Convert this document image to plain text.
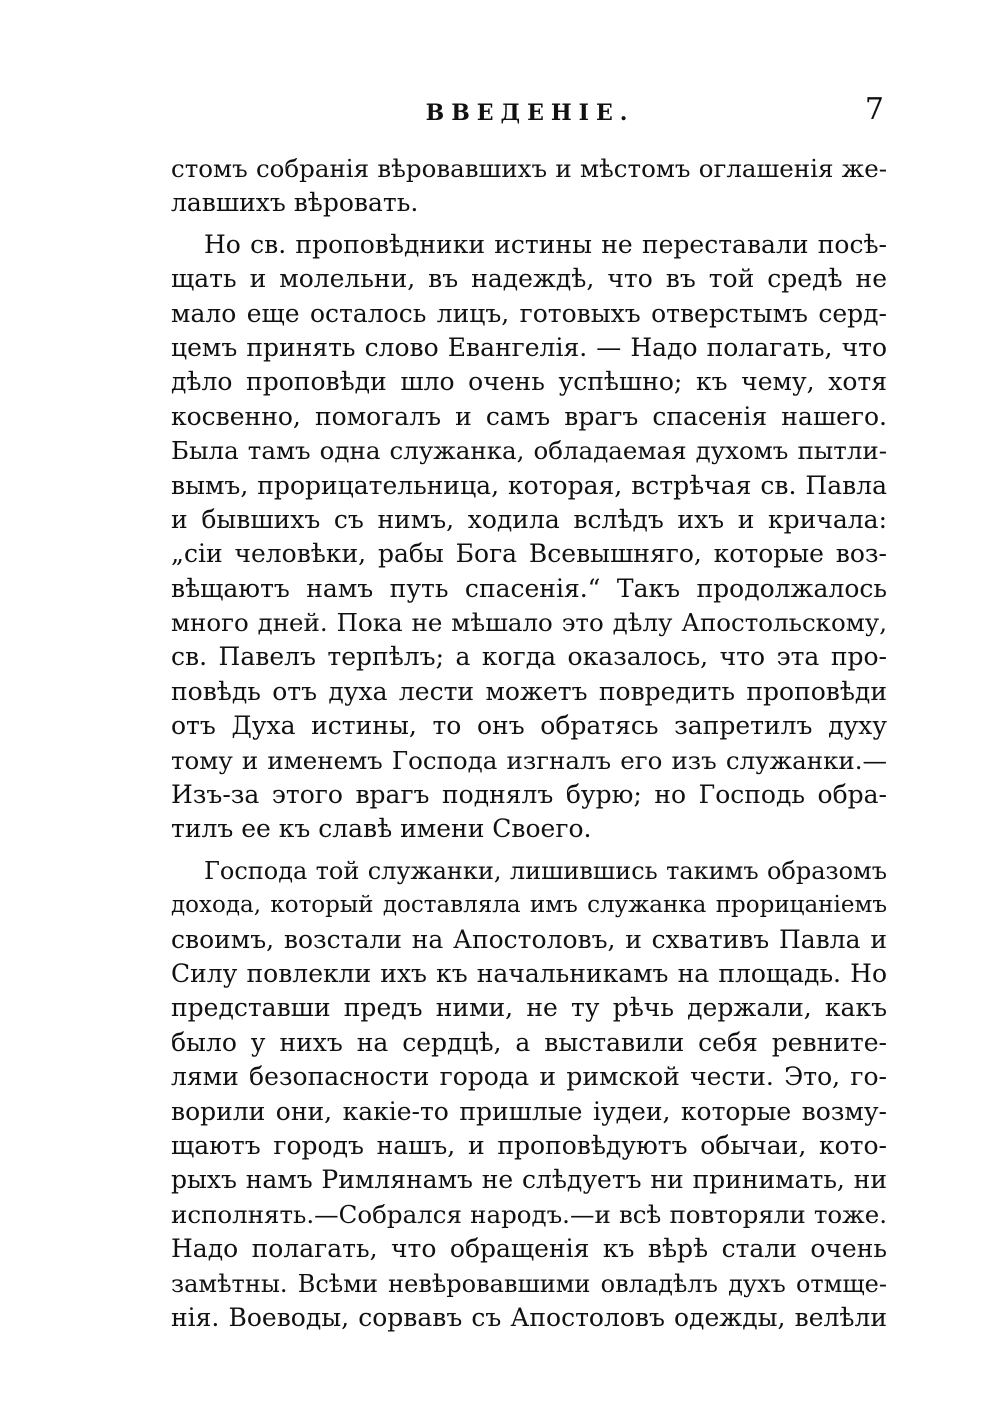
ВВЕДЕНІЕ.	7
стомъ собранія вѣровавшихъ и мѣстомъ оглашенія же-
лавшихъ вѣровать.
Но св. проповѣдники истины не переставали посѣ-
щать и молельни, въ надеждѣ, что въ той средѣ не
мало еще осталось лицъ, готовыхъ отверстымъ серд-
цемъ принять слово Евангелія. — Надо полагать, что
дѣло проповѣди шло очень успѣшно; къ чему, хотя
косвенно, помогалъ и самъ врагъ спасенія нашего.
Была тамъ одна служанка, обладаемая духомъ пытли-
вымъ, прорицательница, которая, встрѣчая св. Павла
и бывшихъ съ нимъ, ходила вслѣдъ ихъ и кричала:
„сіи человѣки, рабы Бога Всевышняго, которые воз-
вѣщаютъ намъ путь спасенія.“ Такъ продолжалось
много дней. Пока не мѣшало это дѣлу Апостольскому,
св. Павелъ терпѣлъ; а когда оказалось, что эта про-
повѣдь отъ духа лести можетъ повредить проповѣди
отъ Духа истины, то онъ обратясь запретилъ духу
тому и именемъ Господа изгналъ его изъ служанки.—
Изъ-за этого врагъ поднялъ бурю; но Господь обра-
тилъ ее къ славѣ имени Своего.
Господа той служанки, лишившись такимъ образомъ
дохода, который доставляла имъ служанка прорицаніемъ
своимъ, возстали на Апостоловъ, и схвативъ Павла и
Силу повлекли ихъ къ начальникамъ на площадь. Но
представши предъ ними, не ту рѣчь держали, какъ
было у нихъ на сердцѣ, а выставили себя ревните-
лями безопасности города и римской чести. Это, го-
ворили они, какіе-то пришлые іудеи, которые возму-
щаютъ городъ нашъ, и проповѣдуютъ обычаи, кото-
рыхъ намъ Римлянамъ не слѣдуетъ ни принимать, ни
исполнять.—Собрался народъ.—и всѣ повторяли тоже.
Надо полагать, что обращенія къ вѣрѣ стали очень
замѣтны. Всѣми невѣровавшими овладѣлъ духъ отмще-
нія. Воеводы, сорвавъ съ Апостоловъ одежды, велѣли
